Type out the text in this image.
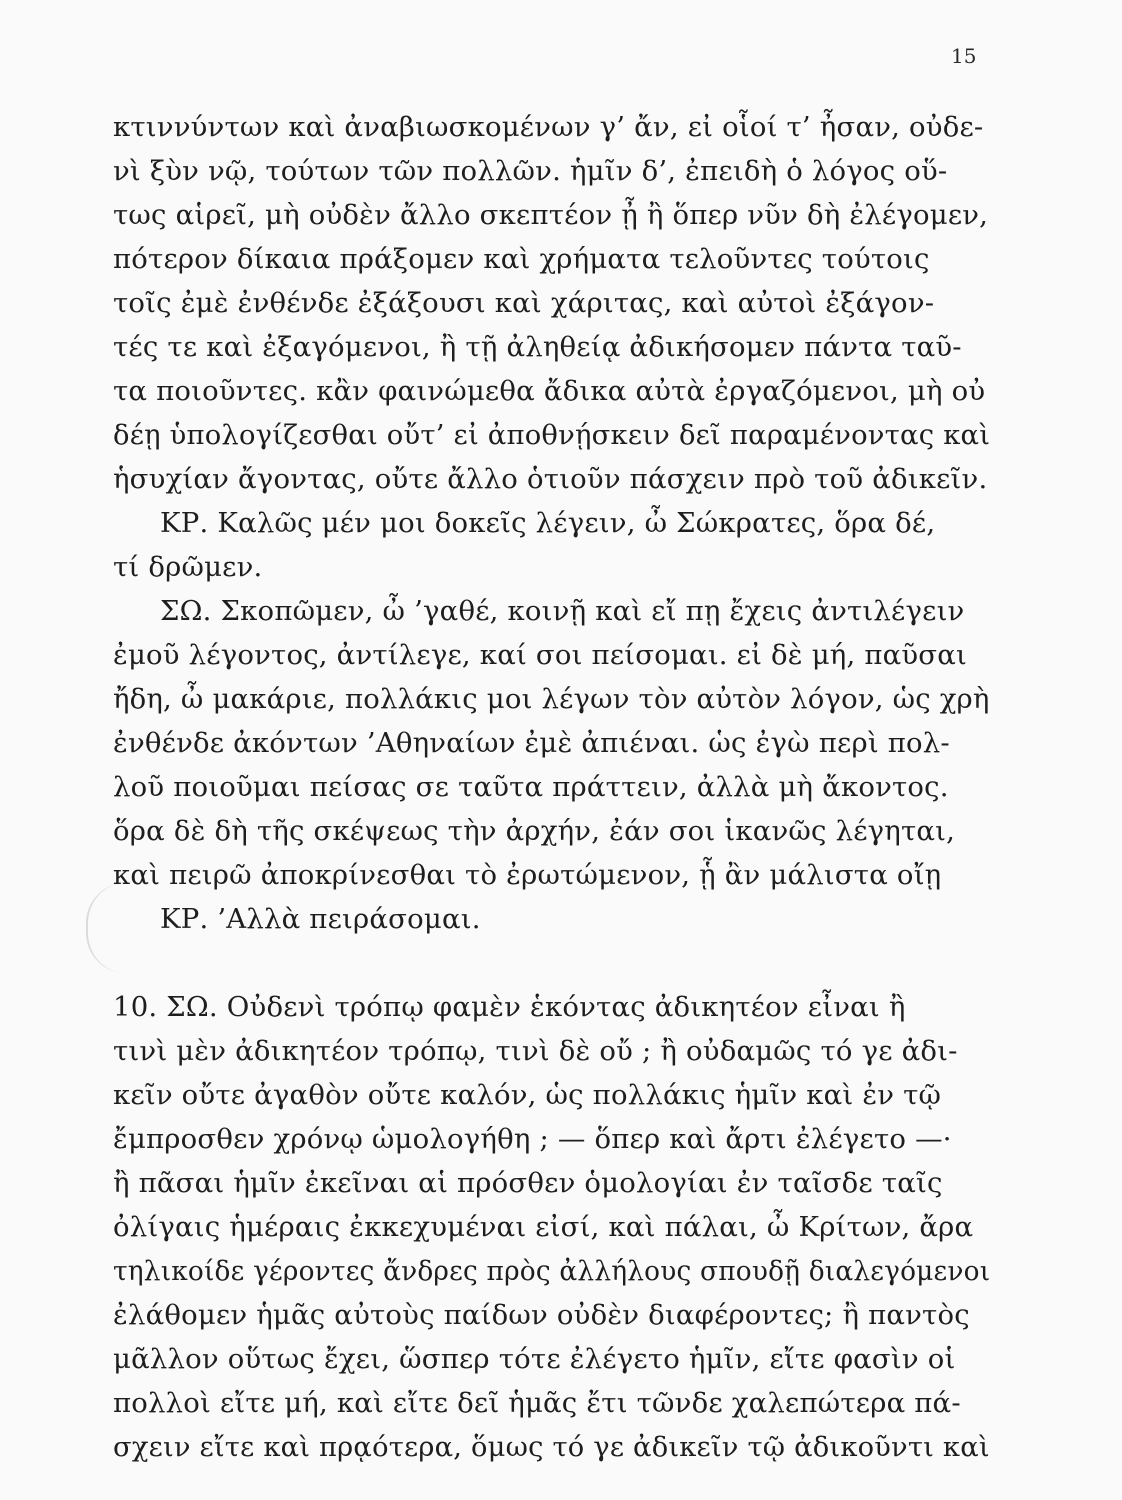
15
κτιννύντων καὶ ἀναβιωσκομένων γ’ ἄν, εἰ οἷοί τ’ ἦσαν, οὐδε-
νὶ ξὺν νῷ, τούτων τῶν πολλῶν. ἡμῖν δ’, ἐπειδὴ ὁ λόγος οὕ-
τως αἱρεῖ, μὴ οὐδὲν ἄλλο σκεπτέον ᾖ ἢ ὅπερ νῦν δὴ ἐλέγομεν,
πότερον δίκαια πράξομεν καὶ χρήματα τελοῦντες τούτοις
τοῖς ἐμὲ ἐνθένδε ἐξάξουσι καὶ χάριτας, καὶ αὐτοὶ ἐξάγον-
τές τε καὶ ἐξαγόμενοι, ἢ τῇ ἀληθείᾳ ἀδικήσομεν πάντα ταῦ-
τα ποιοῦντες. κἂν φαινώμεθα ἄδικα αὐτὰ ἐργαζόμενοι, μὴ οὐ
δέῃ ὑπολογίζεσθαι οὔτ’ εἰ ἀποθνῄσκειν δεῖ παραμένοντας καὶ
ἡσυχίαν ἄγοντας, οὔτε ἄλλο ὁτιοῦν πάσχειν πρὸ τοῦ ἀδικεῖν.
ΚΡ. Καλῶς μέν μοι δοκεῖς λέγειν, ὦ Σώκρατες, ὅρα δέ,
τί δρῶμεν.
ΣΩ. Σκοπῶμεν, ὦ ’γαθέ, κοινῇ καὶ εἴ πῃ ἔχεις ἀντιλέγειν
ἐμοῦ λέγοντος, ἀντίλεγε, καί σοι πείσομαι. εἰ δὲ μή, παῦσαι
ἤδη, ὦ μακάριε, πολλάκις μοι λέγων τὸν αὐτὸν λόγον, ὡς χρὴ
ἐνθένδε ἀκόντων ’Αθηναίων ἐμὲ ἀπιέναι. ὡς ἐγὼ περὶ πολ-
λοῦ ποιοῦμαι πείσας σε ταῦτα πράττειν, ἀλλὰ μὴ ἄκοντος.
ὅρα δὲ δὴ τῆς σκέψεως τὴν ἀρχήν, ἐάν σοι ἱκανῶς λέγηται,
καὶ πειρῶ ἀποκρίνεσθαι τὸ ἐρωτώμενον, ᾗ ἂν μάλιστα οἴῃ
ΚΡ. ’Αλλὰ πειράσομαι.
10. ΣΩ. Οὐδενὶ τρόπῳ φαμὲν ἑκόντας ἀδικητέον εἶναι ἢ
τινὶ μὲν ἀδικητέον τρόπῳ, τινὶ δὲ οὔ ; ἢ οὐδαμῶς τό γε ἀδι-
κεῖν οὔτε ἀγαθὸν οὔτε καλόν, ὡς πολλάκις ἡμῖν καὶ ἐν τῷ
ἔμπροσθεν χρόνῳ ὡμολογήθη ; — ὅπερ καὶ ἄρτι ἐλέγετο —·
ἢ πᾶσαι ἡμῖν ἐκεῖναι αἱ πρόσθεν ὁμολογίαι ἐν ταῖσδε ταῖς
ὀλίγαις ἡμέραις ἐκκεχυμέναι εἰσί, καὶ πάλαι, ὦ Κρίτων, ἄρα
τηλικοίδε γέροντες ἄνδρες πρὸς ἀλλήλους σπουδῇ διαλεγόμενοι
ἐλάθομεν ἡμᾶς αὐτοὺς παίδων οὐδὲν διαφέροντες; ἢ παντὸς
μᾶλλον οὕτως ἔχει, ὥσπερ τότε ἐλέγετο ἡμῖν, εἴτε φασὶν οἱ
πολλοὶ εἴτε μή, καὶ εἴτε δεῖ ἡμᾶς ἔτι τῶνδε χαλεπώτερα πά-
σχειν εἴτε καὶ πρᾳότερα, ὅμως τό γε ἀδικεῖν τῷ ἀδικοῦντι καὶ
